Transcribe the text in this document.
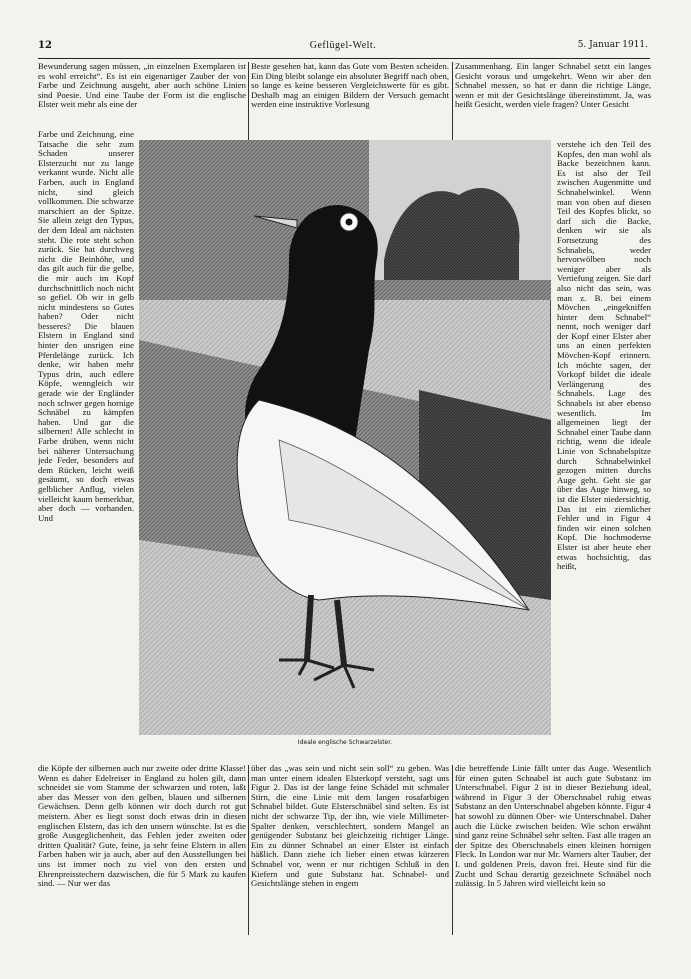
12	Geflügel-Welt.	5. Januar 1911.
Bewunderung sagen müssen, „in einzelnen Exemplaren ist es wohl erreicht“. Es ist ein eigenartiger Zauber der von Farbe und Zeichnung ausgeht, aber auch schöne Linien sind Poesie. Und eine Taube der Form ist die englische Elster weit mehr als eine der
Beste gesehen hat, kann das Gute vom Besten scheiden. Ein Ding bleibt solange ein absoluter Begriff nach oben, so lange es keine besseren Vergleichswerte für es gibt. Deshalb mag an einigen Bildern der Versuch gemacht werden eine instruktive Vorlesung
Zusammenhang. Ein langer Schnabel setzt ein langes Gesicht voraus und umgekehrt. Wenn wir aber den Schnabel messen, so hat er dann die richtige Länge, wenn er mit der Gesichtslänge übereinstimmt. Ja, was heißt Gesicht, werden viele fragen? Unter Gesicht
Farbe und Zeichnung, eine Tatsache die sehr zum Schaden unserer Elsterzucht nur zu lange verkannt wurde. Nicht alle Farben, auch in England nicht, sind gleich vollkommen. Die schwarze marschiert an der Spitze. Sie allein zeigt den Typus, der dem Ideal am nächsten steht. Die rote steht schon zurück. Sie hat durchweg nicht die Beinhöhe, und das gilt auch für die gelbe, die mir auch im Kopf durchschnittlich noch nicht so gefiel. Ob wir in gelb nicht mindestens so Gutes haben? Oder nicht besseres? Die blauen Elstern in England sind hinter den unsrigen eine Pferdelänge zurück. Ich denke, wir haben mehr Typus drin, auch edlere Köpfe, wenngleich wir gerade wie der Engländer noch schwer gegen hornige Schnäbel zu kämpfen haben. Und gar die silbernen! Alle schlecht in Farbe drüben, wenn nicht bei näherer Untersuchung jede Feder, besonders auf dem Rücken, leicht weiß gesäumt, so doch etwas gelblicher Anflug, vielen vielleicht kaum bemerkbar, aber doch — vorhanden. Und
verstehe ich den Teil des Kopfes, den man wohl als Backe bezeichnen kann. Es ist also der Teil zwischen Augenmitte und Schnabelwinkel. Wenn man von oben auf diesen Teil des Kopfes blickt, so darf sich die Backe, denken wir sie als Fortsetzung des Schnabels, weder hervorwölben noch weniger aber als Vertiefung zeigen. Sie darf also nicht das sein, was man z. B. bei einem Mövchen „eingekniffen hinter dem Schnabel“ nennt, noch weniger darf der Kopf einer Elster aber uns an einen perfekten Mövchen-Kopf erinnern. Ich möchte sagen, der Vorkopf bildet die ideale Verlängerung des Schnabels. Lage des Schnabels ist aber ebenso wesentlich. Im allgemeinen liegt der Schnabel einer Taube dann richtig, wenn die ideale Linie von Schnabelspitze durch Schnabelwinkel gezogen mitten durchs Auge geht. Geht sie gar über das Auge hinweg, so ist die Elster niedersichtig. Das ist ein ziemlicher Fehler und in Figur 4 finden wir einen solchen Kopf. Die hochmoderne Elster ist aber heute eher etwas hochsichtig, das heißt,
Ideale englische Schwarzelster.
die Köpfe der silbernen auch nur zweite oder dritte Klasse! Wenn es daher Edelreiser in England zu holen gilt, dann schneidet sie vom Stamme der schwarzen und roten, laßt aber das Messer von den gelben, blauen und silbernen Gewächsen. Denn gelb können wir doch durch rot gut meistern. Aber es liegt sonst doch etwas drin in diesen englischen Elstern, das ich den unsern wünschte. Ist es die große Ausgeglichenheit, das Fehlen jeder zweiten oder dritten Qualität? Gute, feine, ja sehr feine Elstern in allen Farben haben wir ja auch, aber auf den Ausstellungen bei uns ist immer noch zu viel von den ersten und Ehrenpreisstechern dazwischen, die für 5 Mark zu kaufen sind. — Nur wer das
über das „was sein und nicht sein soll“ zu geben. Was man unter einem idealen Elsterkopf versteht, sagt uns Figur 2. Das ist der lange feine Schädel mit schmaler Stirn, die eine Linie mit dem langen rosafarbigen Schnabel bildet. Gute Elsterschnäbel sind selten. Es ist nicht der schwarze Tip, der ihn, wie viele Millimeter-Spalter denken, verschlechtert, sondern Mangel an genügender Substanz bei gleichzeitig richtiger Länge. Ein zu dünner Schnabel an einer Elster ist einfach häßlich. Dann ziehe ich lieber einen etwas kürzeren Schnabel vor, wenn er nur richtigen Schluß in den Kiefern und gute Substanz hat. Schnabel- und Gesichtslänge stehen in engem
die betreffende Linie fällt unter das Auge. Wesentlich für einen guten Schnabel ist auch gute Substanz im Unterschnabel. Figur 2 ist in dieser Beziehung ideal, während in Figur 3 der Oberschnabel ruhig etwas Substanz an den Unterschnabel abgeben könnte. Figur 4 hat sowohl zu dünnen Ober- wie Unterschnabel. Daher auch die Lücke zwischen beiden. Wie schon erwähnt sind ganz reine Schnäbel sehr selten. Fast alle tragen an der Spitze des Oberschnabels einen kleinen hornigen Fleck. In London war nur Mr. Warners alter Tauber, der I. und goldenen Preis, davon frei. Heute sind für die Zucht und Schau derartig gezeichnete Schnäbel noch zulässig. In 5 Jahren wird vielleicht kein so
